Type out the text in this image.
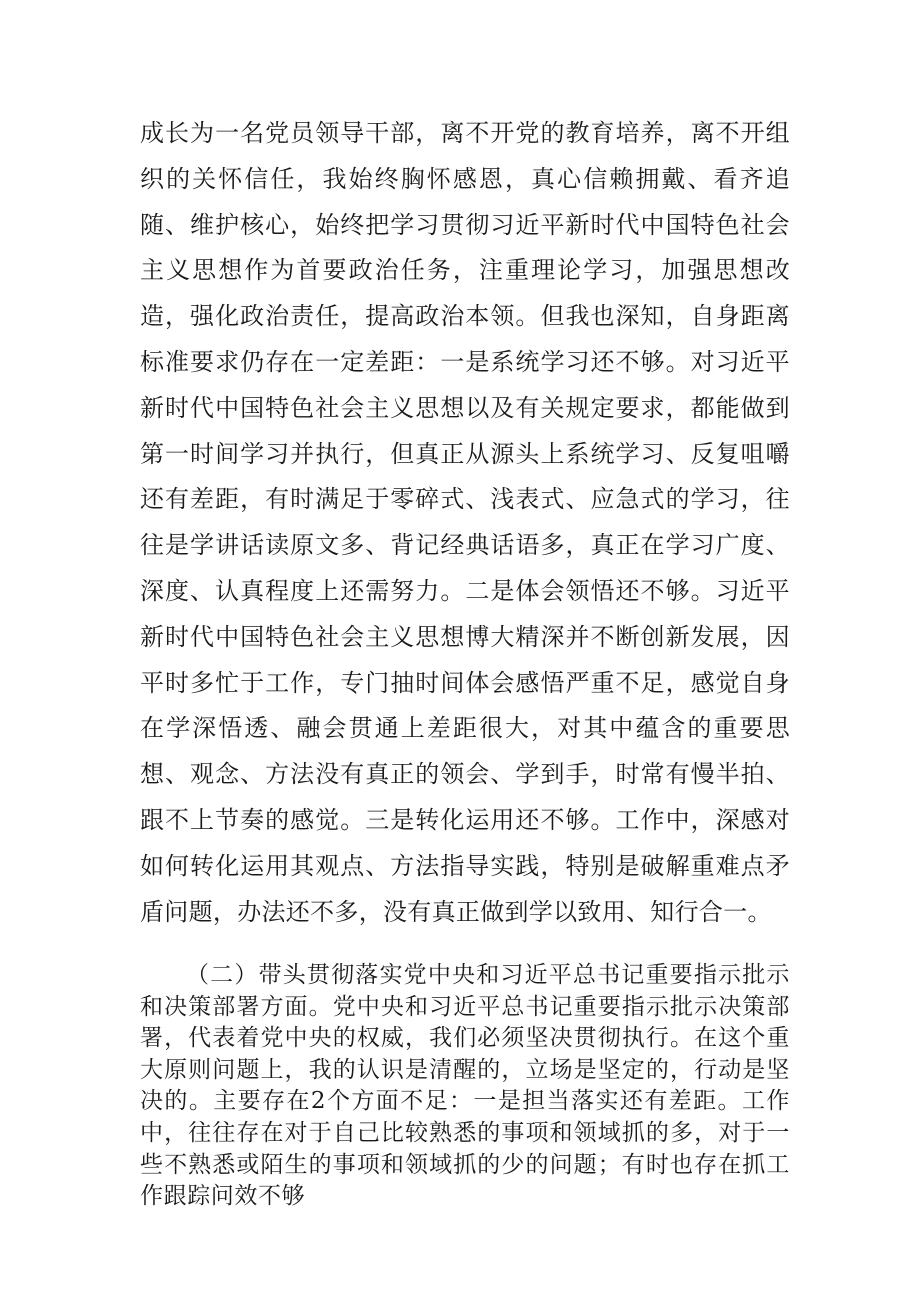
成长为一名党员领导干部，离不开党的教育培养，离不开组织的关怀信任，我始终胸怀感恩，真心信赖拥戴、看齐追随、维护核心，始终把学习贯彻习近平新时代中国特色社会主义思想作为首要政治任务，注重理论学习，加强思想改造，强化政治责任，提高政治本领。但我也深知，自身距离标准要求仍存在一定差距：一是系统学习还不够。对习近平新时代中国特色社会主义思想以及有关规定要求，都能做到第一时间学习并执行，但真正从源头上系统学习、反复咀嚼还有差距，有时满足于零碎式、浅表式、应急式的学习，往往是学讲话读原文多、背记经典话语多，真正在学习广度、深度、认真程度上还需努力。二是体会领悟还不够。习近平新时代中国特色社会主义思想博大精深并不断创新发展，因平时多忙于工作，专门抽时间体会感悟严重不足，感觉自身在学深悟透、融会贯通上差距很大，对其中蕴含的重要思想、观念、方法没有真正的领会、学到手，时常有慢半拍、跟不上节奏的感觉。三是转化运用还不够。工作中，深感对如何转化运用其观点、方法指导实践，特别是破解重难点矛盾问题，办法还不多，没有真正做到学以致用、知行合一。

（二）带头贯彻落实党中央和习近平总书记重要指示批示和决策部署方面。党中央和习近平总书记重要指示批示决策部署，代表着党中央的权威，我们必须坚决贯彻执行。在这个重大原则问题上，我的认识是清醒的，立场是坚定的，行动是坚决的。主要存在2个方面不足：一是担当落实还有差距。工作中，往往存在对于自己比较熟悉的事项和领域抓的多，对于一些不熟悉或陌生的事项和领域抓的少的问题；有时也存在抓工作跟踪问效不够
